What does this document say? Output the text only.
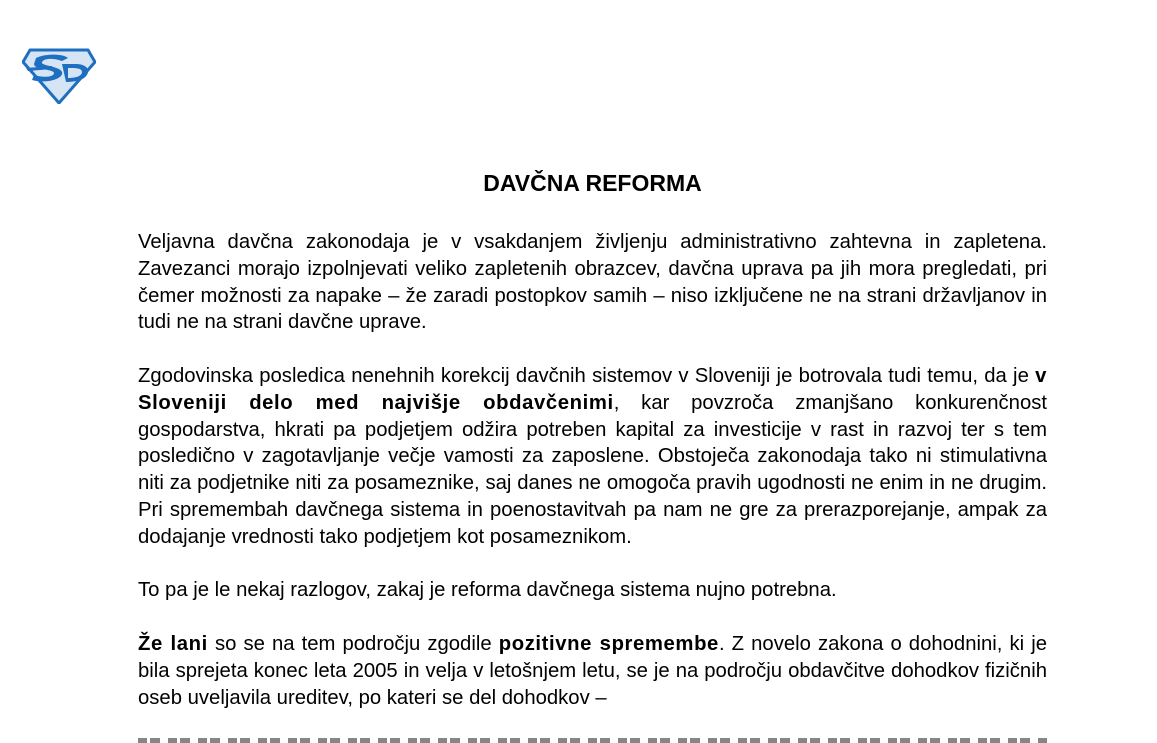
DAVČNA REFORMA

Veljavna davčna zakonodaja je v vsakdanjem življenju administrativno zahtevna in zapletena. Zavezanci morajo izpolnjevati veliko zapletenih obrazcev, davčna uprava pa jih mora pregledati, pri čemer možnosti za napake – že zaradi postopkov samih – niso izključene ne na strani državljanov in tudi ne na strani davčne uprave.

Zgodovinska posledica nenehnih korekcij davčnih sistemov v Sloveniji je botrovala tudi temu, da je v Sloveniji delo med najvišje obdavčenimi, kar povzroča zmanjšano konkurenčnost gospodarstva, hkrati pa podjetjem odžira potreben kapital za investicije v rast in razvoj ter s tem posledično v zagotavljanje večje vamosti za zaposlene. Obstoječa zakonodaja tako ni stimulativna niti za podjetnike niti za posameznike, saj danes ne omogoča pravih ugodnosti ne enim in ne drugim. Pri spremembah davčnega sistema in poenostavitvah pa nam ne gre za prerazporejanje, ampak za dodajanje vrednosti tako podjetjem kot posameznikom.

To pa je le nekaj razlogov, zakaj je reforma davčnega sistema nujno potrebna.

Že lani so se na tem področju zgodile pozitivne spremembe. Z novelo zakona o dohodnini, ki je bila sprejeta konec leta 2005 in velja v letošnjem letu, se je na področju obdavčitve dohodkov fizičnih oseb uveljavila ureditev, po kateri se del dohodkov –
